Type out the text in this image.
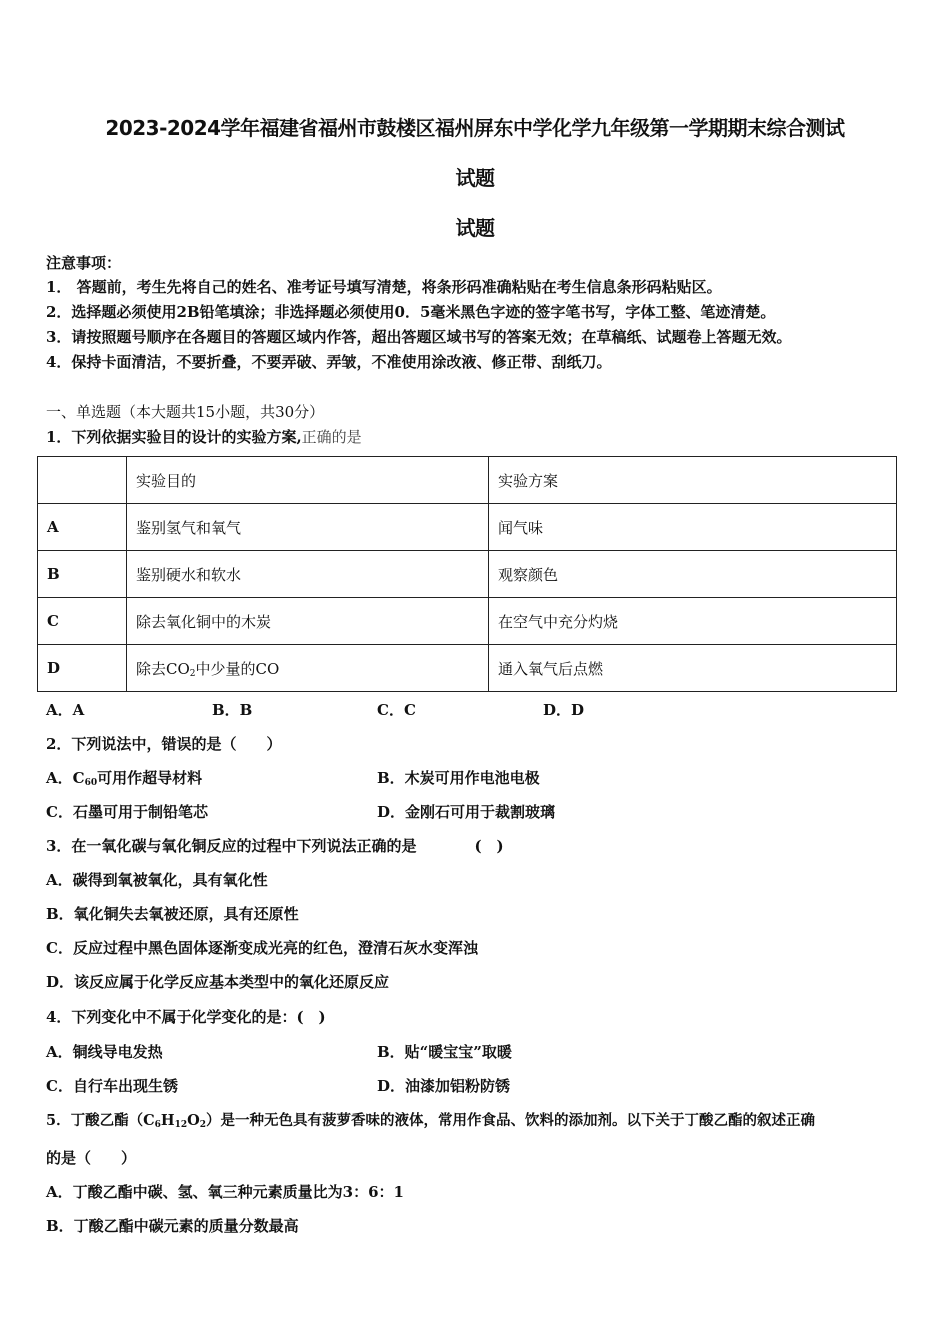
2023-2024学年福建省福州市鼓楼区福州屏东中学化学九年级第一学期期末综合测试
试题
试题
注意事项：
1． 答题前，考生先将自己的姓名、准考证号填写清楚，将条形码准确粘贴在考生信息条形码粘贴区。
2．选择题必须使用2B铅笔填涂；非选择题必须使用0．5毫米黑色字迹的签字笔书写，字体工整、笔迹清楚。
3．请按照题号顺序在各题目的答题区域内作答，超出答题区域书写的答案无效；在草稿纸、试题卷上答题无效。
4．保持卡面清洁，不要折叠，不要弄破、弄皱，不准使用涂改液、修正带、刮纸刀。
一、单选题（本大题共15小题，共30分）
1．下列依据实验目的设计的实验方案,正确的是
	实验目的	实验方案
A	鉴别氢气和氧气	闻气味
B	鉴别硬水和软水	观察颜色
C	除去氧化铜中的木炭	在空气中充分灼烧
D	除去$CO_2$中少量的CO	通入氧气后点燃
A．A	B．B	C．C	D．D
2．下列说法中，错误的是（　　）
A．$C_{60}$可用作超导材料	B．木炭可用作电池电极
C．石墨可用于制铅笔芯	D．金刚石可用于裁割玻璃
3．在一氧化碳与氧化铜反应的过程中下列说法正确的是	(　)
A．碳得到氧被氧化，具有氧化性
B．氧化铜失去氧被还原，具有还原性
C．反应过程中黑色固体逐渐变成光亮的红色，澄清石灰水变浑浊
D．该反应属于化学反应基本类型中的氧化还原反应
4．下列变化中不属于化学变化的是：(　)
A．铜线导电发热	B．贴“暖宝宝”取暖
C．自行车出现生锈	D．油漆加铝粉防锈
5．丁酸乙酯$(C_6H_{12}O_2)$是一种无色具有菠萝香味的液体，常用作食品、饮料的添加剂。以下关于丁酸乙酯的叙述正确
的是（　　）
A．丁酸乙酯中碳、氢、氧三种元素质量比为3：6：1
B．丁酸乙酯中碳元素的质量分数最高
